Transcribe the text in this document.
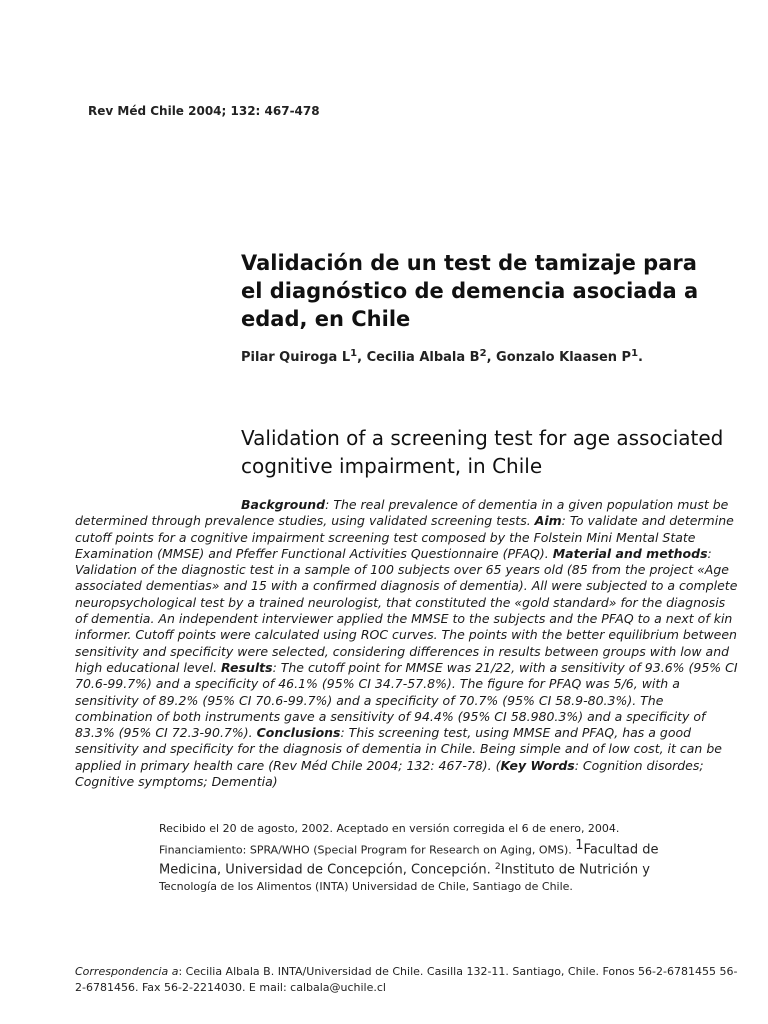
Rev Méd Chile 2004; 132: 467-478
Validación de un test de tamizaje para el diagnóstico de demencia asociada a edad, en Chile
Pilar Quiroga $L^1$, Cecilia Albala $B^2$, Gonzalo Klaasen $P^1$.
Validation of a screening test for age associated cognitive impairment, in Chile
Background: The real prevalence of dementia in a given population must be determined through prevalence studies, using validated screening tests. Aim: To validate and determine cutoff points for a cognitive impairment screening test composed by the Folstein Mini Mental State Examination (MMSE) and Pfeffer Functional Activities Questionnaire (PFAQ). Material and methods: Validation of the diagnostic test in a sample of 100 subjects over 65 years old (85 from the project «Age associated dementias» and 15 with a confirmed diagnosis of dementia). All were subjected to a complete neuropsychological test by a trained neurologist, that constituted the «gold standard» for the diagnosis of dementia. An independent interviewer applied the MMSE to the subjects and the PFAQ to a next of kin informer. Cutoff points were calculated using ROC curves. The points with the better equilibrium between sensitivity and specificity were selected, considering differences in results between groups with low and high educational level. Results: The cutoff point for MMSE was 21/22, with a sensitivity of 93.6% (95% CI 70.6-99.7%) and a specificity of 46.1% (95% CI 34.7-57.8%). The figure for PFAQ was 5/6, with a sensitivity of 89.2% (95% CI 70.6-99.7%) and a specificity of 70.7% (95% CI 58.9-80.3%). The combination of both instruments gave a sensitivity of 94.4% (95% CI 58.980.3%) and a specificity of 83.3% (95% CI 72.3-90.7%). Conclusions: This screening test, using MMSE and PFAQ, has a good sensitivity and specificity for the diagnosis of dementia in Chile. Being simple and of low cost, it can be applied in primary health care (Rev Méd Chile 2004; 132: 467-78). (Key Words: Cognition disordes; Cognitive symptoms; Dementia)
Recibido el 20 de agosto, 2002. Aceptado en versión corregida el 6 de enero, 2004.
Financiamiento: SPRA/WHO (Special Program for Research on Aging, OMS). $^1$Facultad de Medicina, Universidad de Concepción, Concepción. $^2$Instituto de Nutrición y
Tecnología de los Alimentos (INTA) Universidad de Chile, Santiago de Chile.
Correspondencia a: Cecilia Albala B. INTA/Universidad de Chile. Casilla 132-11. Santiago, Chile. Fonos 56-2-6781455 56-2-6781456. Fax 56-2-2214030. E mail: calbala@uchile.cl
